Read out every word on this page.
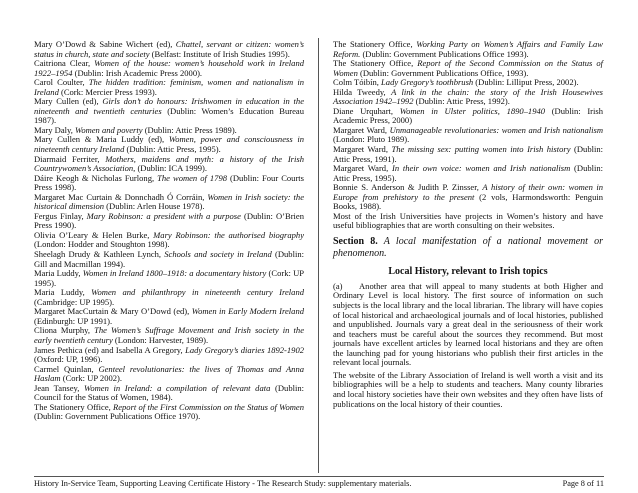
Mary O’Dowd & Sabine Wichert (ed), Chattel, servant or citizen: women’s status in church, state and society (Belfast: Institute of Irish Studies 1995).

Caitriona Clear, Women of the house: women’s household work in Ireland 1922–1954 (Dublin: Irish Academic Press 2000).

Carol Coulter, The hidden tradition: feminism, women and nationalism in Ireland (Cork: Mercier Press 1993).

Mary Cullen (ed), Girls don’t do honours: Irishwomen in education in the nineteenth and twentieth centuries (Dublin: Women’s Education Bureau 1987).

Mary Daly, Women and poverty (Dublin: Attic Press 1989).

Mary Cullen & Maria Luddy (ed), Women, power and consciousness in nineteenth century Ireland (Dublin: Attic Press, 1995).

Diarmaid Ferriter, Mothers, maidens and myth: a history of the Irish Countrywomen’s Association, (Dublin: ICA 1999).

Dáire Keogh & Nicholas Furlong, The women of 1798 (Dublin: Four Courts Press 1998).

Margaret Mac Curtain & Donnchadh Ó Corráin, Women in Irish society: the historical dimension (Dublin: Arlen House 1978).

Fergus Finlay, Mary Robinson: a president with a purpose (Dublin: O’Brien Press 1990).

Olivia O’Leary & Helen Burke, Mary Robinson: the authorised biography (London: Hodder and Stoughton 1998).

Sheelagh Drudy & Kathleen Lynch, Schools and society in Ireland (Dublin: Gill and Macmillan 1994).

Maria Luddy, Women in Ireland 1800–1918: a documentary history (Cork: UP 1995).

Maria Luddy, Women and philanthropy in nineteenth century Ireland (Cambridge: UP 1995).

Margaret MacCurtain & Mary O’Dowd (ed), Women in Early Modern Ireland (Edinburgh: UP 1991).

Cliona Murphy, The Women’s Suffrage Movement and Irish society in the early twentieth century (London: Harvester, 1989).

James Pethica (ed) and Isabella A Gregory, Lady Gregory’s diaries 1892-1902 (Oxford: UP, 1996).

Carmel Quinlan, Genteel revolutionaries: the lives of Thomas and Anna Haslam (Cork: UP 2002).

Jean Tansey, Women in Ireland: a compilation of relevant data (Dublin: Council for the Status of Women, 1984).

The Stationery Office, Report of the First Commission on the Status of Women (Dublin: Government Publications Office 1970).

The Stationery Office, Working Party on Women’s Affairs and Family Law Reform. (Dublin: Government Publications Office 1993).

The Stationery Office, Report of the Second Commission on the Status of Women (Dublin: Government Publications Office, 1993).

Colm Tóibín, Lady Gregory’s toothbrush (Dublin: Lilliput Press, 2002).

Hilda Tweedy, A link in the chain: the story of the Irish Housewives Association 1942–1992 (Dublin: Attic Press, 1992).

Diane Urquhart, Women in Ulster politics, 1890–1940 (Dublin: Irish Academic Press, 2000)

Margaret Ward, Unmanageable revolutionaries: women and Irish nationalism (London: Pluto 1989).

Margaret Ward, The missing sex: putting women into Irish history (Dublin: Attic Press, 1991).

Margaret Ward, In their own voice: women and Irish nationalism (Dublin: Attic Press, 1995).

Bonnie S. Anderson & Judith P. Zinsser, A history of their own: women in Europe from prehistory to the present (2 vols, Harmondsworth: Penguin Books, 1988).

Most of the Irish Universities have projects in Women’s history and have useful bibliographies that are worth consulting on their websites.

Section 8. A local manifestation of a national movement or phenomenon.
Local History, relevant to Irish topics

(a) Another area that will appeal to many students at both Higher and Ordinary Level is local history. The first source of information on such subjects is the local library and the local librarian. The library will have copies of local historical and archaeological journals and of local histories, published and unpublished. Journals vary a great deal in the seriousness of their work and teachers must be careful about the sources they recommend. But most journals have excellent articles by learned local historians and they are often the launching pad for young historians who publish their first articles in the relevant local journals.

The website of the Library Association of Ireland is well worth a visit and its bibliographies will be a help to students and teachers. Many county libraries and local history societies have their own websites and they often have lists of publications on the local history of their counties.

History In-Service Team, Supporting Leaving Certificate History - The Research Study: supplementary materials.	Page 8 of 11
